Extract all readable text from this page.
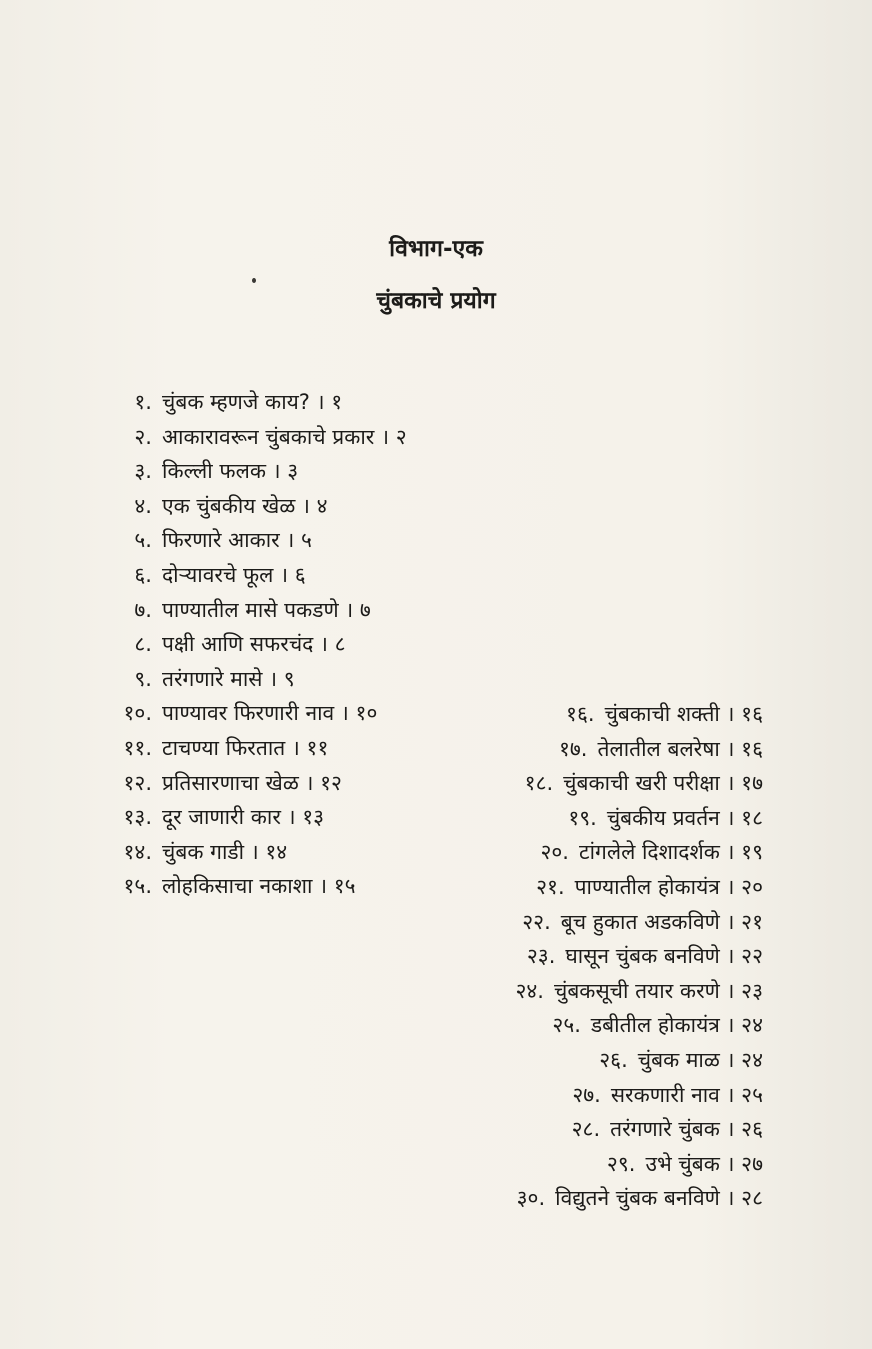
विभाग-एक
चुंबकाचे प्रयोग
१. चुंबक म्हणजे काय? । १
२. आकारावरून चुंबकाचे प्रकार । २
३. किल्ली फलक । ३
४. एक चुंबकीय खेळ । ४
५. फिरणारे आकार । ५
६. दोऱ्यावरचे फूल । ६
७. पाण्यातील मासे पकडणे । ७
८. पक्षी आणि सफरचंद । ८
९. तरंगणारे मासे । ९
१०. पाण्यावर फिरणारी नाव । १०
११. टाचण्या फिरतात । ११
१२. प्रतिसारणाचा खेळ । १२
१३. दूर जाणारी कार । १३
१४. चुंबक गाडी । १४
१५. लोहकिसाचा नकाशा । १५
१६. चुंबकाची शक्ती । १६
१७. तेलातील बलरेषा । १६
१८. चुंबकाची खरी परीक्षा । १७
१९. चुंबकीय प्रवर्तन । १८
२०. टांगलेले दिशादर्शक । १९
२१. पाण्यातील होकायंत्र । २०
२२. बूच हुकात अडकविणे । २१
२३. घासून चुंबक बनविणे । २२
२४. चुंबकसूची तयार करणे । २३
२५. डबीतील होकायंत्र । २४
२६. चुंबक माळ । २४
२७. सरकणारी नाव । २५
२८. तरंगणारे चुंबक । २६
२९. उभे चुंबक । २७
३०. विद्युतने चुंबक बनविणे । २८
